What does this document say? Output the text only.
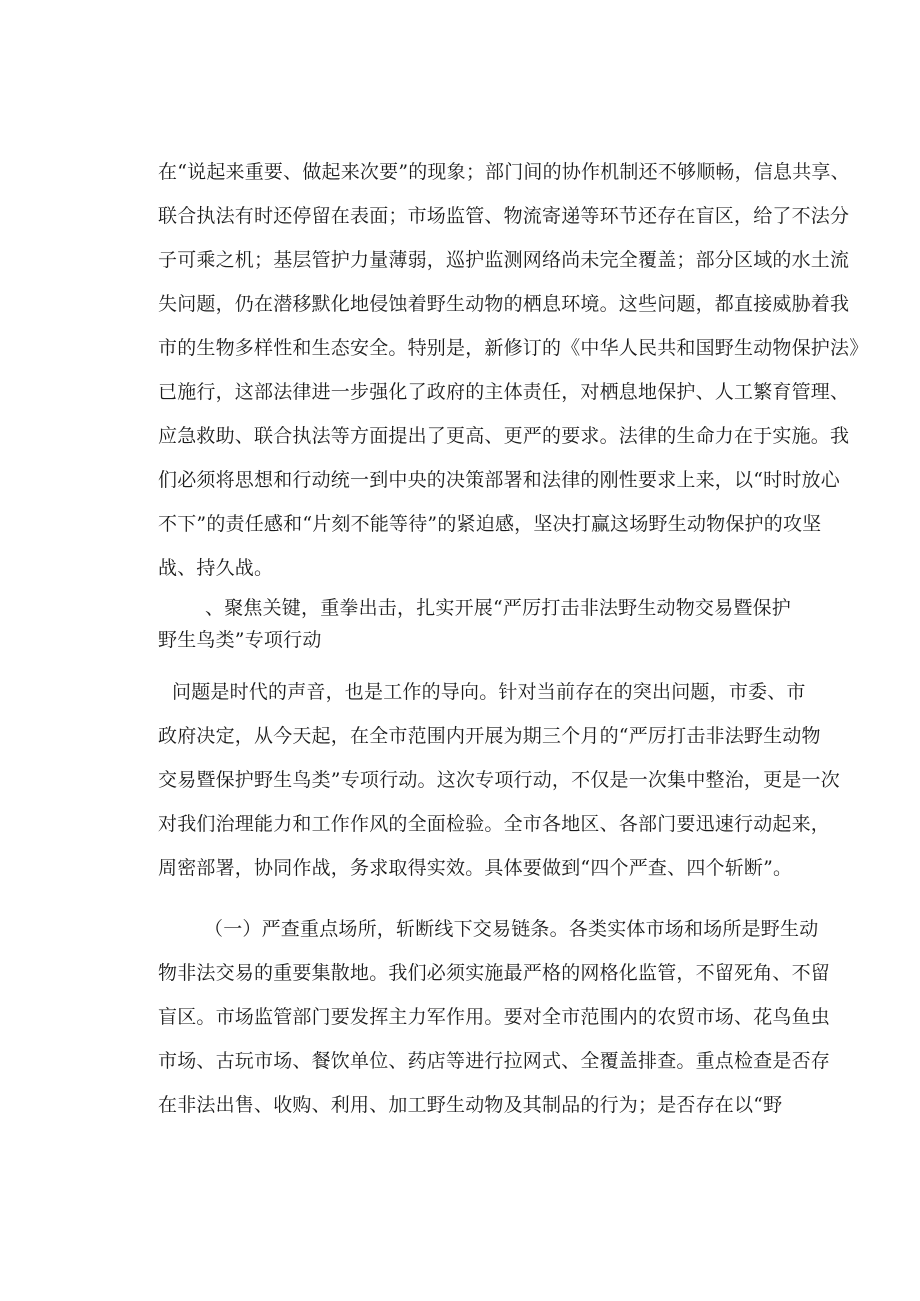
在“说起来重要、做起来次要”的现象；部门间的协作机制还不够顺畅，信息共享、
联合执法有时还停留在表面；市场监管、物流寄递等环节还存在盲区，给了不法分
子可乘之机；基层管护力量薄弱，巡护监测网络尚未完全覆盖；部分区域的水土流
失问题，仍在潜移默化地侵蚀着野生动物的栖息环境。这些问题，都直接威胁着我
市的生物多样性和生态安全。特别是，新修订的《中华人民共和国野生动物保护法》
已施行，这部法律进一步强化了政府的主体责任，对栖息地保护、人工繁育管理、
应急救助、联合执法等方面提出了更高、更严的要求。法律的生命力在于实施。我
们必须将思想和行动统一到中央的决策部署和法律的刚性要求上来，以“时时放心
不下”的责任感和“片刻不能等待”的紧迫感，坚决打赢这场野生动物保护的攻坚
战、持久战。
、聚焦关键，重拳出击，扎实开展“严厉打击非法野生动物交易暨保护
野生鸟类”专项行动
问题是时代的声音，也是工作的导向。针对当前存在的突出问题，市委、市
政府决定，从今天起，在全市范围内开展为期三个月的“严厉打击非法野生动物
交易暨保护野生鸟类”专项行动。这次专项行动，不仅是一次集中整治，更是一次
对我们治理能力和工作作风的全面检验。全市各地区、各部门要迅速行动起来，
周密部署，协同作战，务求取得实效。具体要做到“四个严查、四个斩断”。
（一）严查重点场所，斩断线下交易链条。各类实体市场和场所是野生动
物非法交易的重要集散地。我们必须实施最严格的网格化监管，不留死角、不留
盲区。市场监管部门要发挥主力军作用。要对全市范围内的农贸市场、花鸟鱼虫
市场、古玩市场、餐饮单位、药店等进行拉网式、全覆盖排查。重点检查是否存
在非法出售、收购、利用、加工野生动物及其制品的行为；是否存在以“野
